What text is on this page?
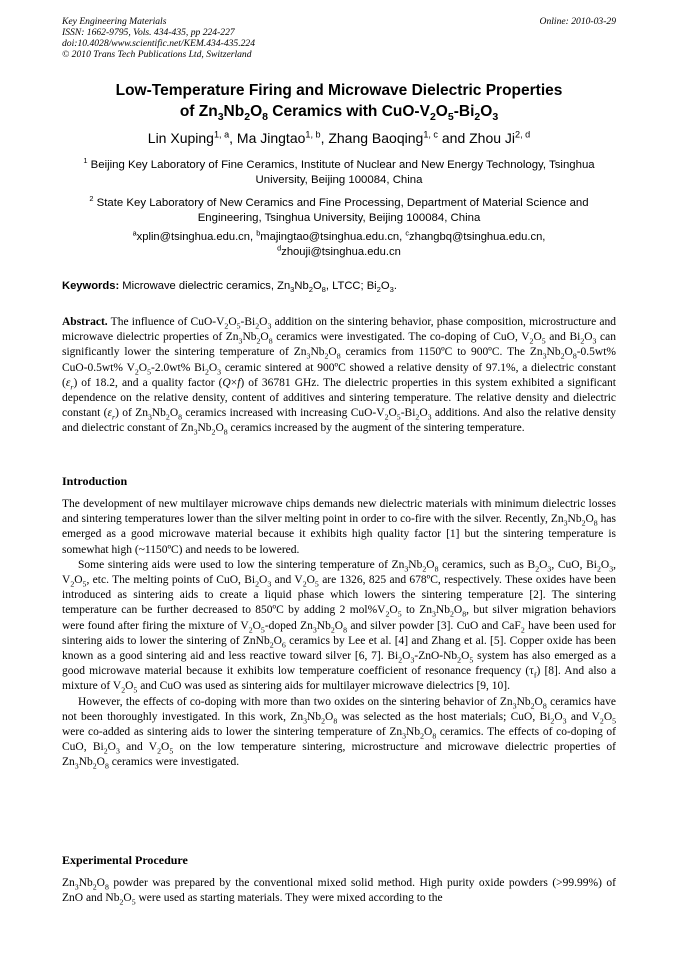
Key Engineering Materials
ISSN: 1662-9795, Vols. 434-435, pp 224-227
doi:10.4028/www.scientific.net/KEM.434-435.224
© 2010 Trans Tech Publications Ltd, Switzerland
Online: 2010-03-29
Low-Temperature Firing and Microwave Dielectric Properties
of $Zn_3Nb_2O_8$ Ceramics with CuO-$V_2O_5-Bi_2O_3$
Lin Xuping$^{1, a}$, Ma Jingtao$^{1, b}$, Zhang Baoqing$^{1, c}$ and Zhou Ji$^{2, d}$
$^1$ Beijing Key Laboratory of Fine Ceramics, Institute of Nuclear and New Energy Technology, Tsinghua University, Beijing 100084, China
$^2$ State Key Laboratory of New Ceramics and Fine Processing, Department of Material Science and Engineering, Tsinghua University, Beijing 100084, China
$^a$xplin@tsinghua.edu.cn, $^b$majingtao@tsinghua.edu.cn, $^c$zhangbq@tsinghua.edu.cn,
$^d$zhouji@tsinghua.edu.cn
Keywords: Microwave dielectric ceramics, $Zn_3Nb_2O_8$, LTCC; $Bi_2O_3$.
Abstract. The influence of CuO-$V_2O_5-Bi_2O_3$ addition on the sintering behavior, phase composition, microstructure and microwave dielectric properties of $Zn_3Nb_2O_8$ ceramics were investigated. The co-doping of CuO, $V_2O_5$ and $Bi_2O_3$ can significantly lower the sintering temperature of $Zn_3Nb_2O_8$ ceramics from 1150ºC to 900ºC. The $Zn_3Nb_2O_8-0.5wt\%$ CuO-0.5wt% $V_2O_5-2.0wt\%$ $Bi_2O_3$ ceramic sintered at 900ºC showed a relative density of 97.1%, a dielectric constant $(\varepsilon_r)$ of 18.2, and a quality factor (Q×f) of 36781 GHz. The dielectric properties in this system exhibited a significant dependence on the relative density, content of additives and sintering temperature. The relative density and dielectric constant $(\varepsilon_r)$ of $Zn_3Nb_2O_8$ ceramics increased with increasing CuO-$V_2O_5-Bi_2O_3$ additions. And also the relative density and dielectric constant of $Zn_3Nb_2O_8$ ceramics increased by the augment of the sintering temperature.
Introduction

The development of new multilayer microwave chips demands new dielectric materials with minimum dielectric losses and sintering temperatures lower than the silver melting point in order to co-fire with the silver. Recently, $Zn_3Nb_2O_8$ has emerged as a good microwave material because it exhibits high quality factor [1] but the sintering temperature is somewhat high (~1150ºC) and needs to be lowered.

Some sintering aids were used to low the sintering temperature of $Zn_3Nb_2O_8$ ceramics, such as $B_2O_3$, CuO, $Bi_2O_3$, $V_2O_5$, etc. The melting points of CuO, $Bi_2O_3$ and $V_2O_5$ are 1326, 825 and 678ºC, respectively. These oxides have been introduced as sintering aids to create a liquid phase which lowers the sintering temperature [2]. The sintering temperature can be further decreased to 850ºC by adding 2 $mol\%V_2O_5$ to $Zn_3Nb_2O_8$, but silver migration behaviors were found after firing the mixture of $V_2O_5$-doped $Zn_3Nb_2O_8$ and silver powder [3]. CuO and CaF$_2$ have been used for sintering aids to lower the sintering of $ZnNb_2O_6$ ceramics by Lee et al. [4] and Zhang et al. [5]. Copper oxide has been known as a good sintering aid and less reactive toward silver [6, 7]. $Bi_2O_3-ZnO-Nb_2O_5$ system has also emerged as a good microwave material because it exhibits low temperature coefficient of resonance frequency $(\tau_f)$ [8]. And also a mixture of $V_2O_5$ and CuO was used as sintering aids for multilayer microwave dielectrics [9, 10].

However, the effects of co-doping with more than two oxides on the sintering behavior of $Zn_3Nb_2O_8$ ceramics have not been thoroughly investigated. In this work, $Zn_3Nb_2O_8$ was selected as the host materials; CuO, $Bi_2O_3$ and $V_2O_5$ were co-added as sintering aids to lower the sintering temperature of $Zn_3Nb_2O_8$ ceramics. The effects of co-doping of CuO, $Bi_2O_3$ and $V_2O_5$ on the low temperature sintering, microstructure and microwave dielectric properties of $Zn_3Nb_2O_8$ ceramics were investigated.

Experimental Procedure
$Zn_3Nb_2O_8$ powder was prepared by the conventional mixed solid method. High purity oxide powders (>99.99%) of ZnO and $Nb_2O_5$ were used as starting materials. They were mixed according to the
